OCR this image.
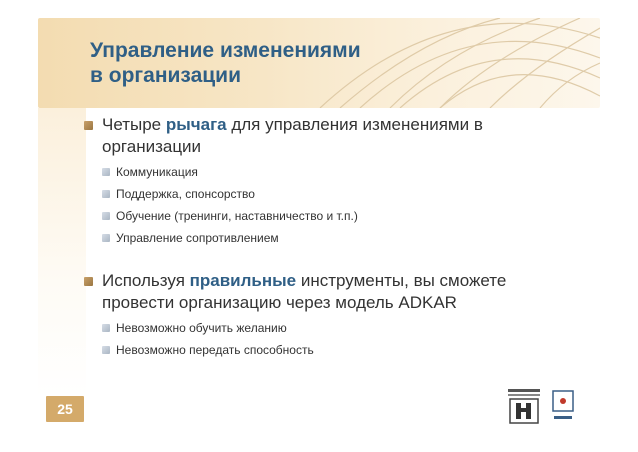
Управление изменениями
в организации
Четыре рычага для управления изменениями в организации
Коммуникация
Поддержка, спонсорство
Обучение (тренинги, наставничество и т.п.)
Управление сопротивлением
Используя правильные инструменты, вы сможете провести организацию через модель ADKAR
Невозможно обучить желанию
Невозможно передать способность
25
